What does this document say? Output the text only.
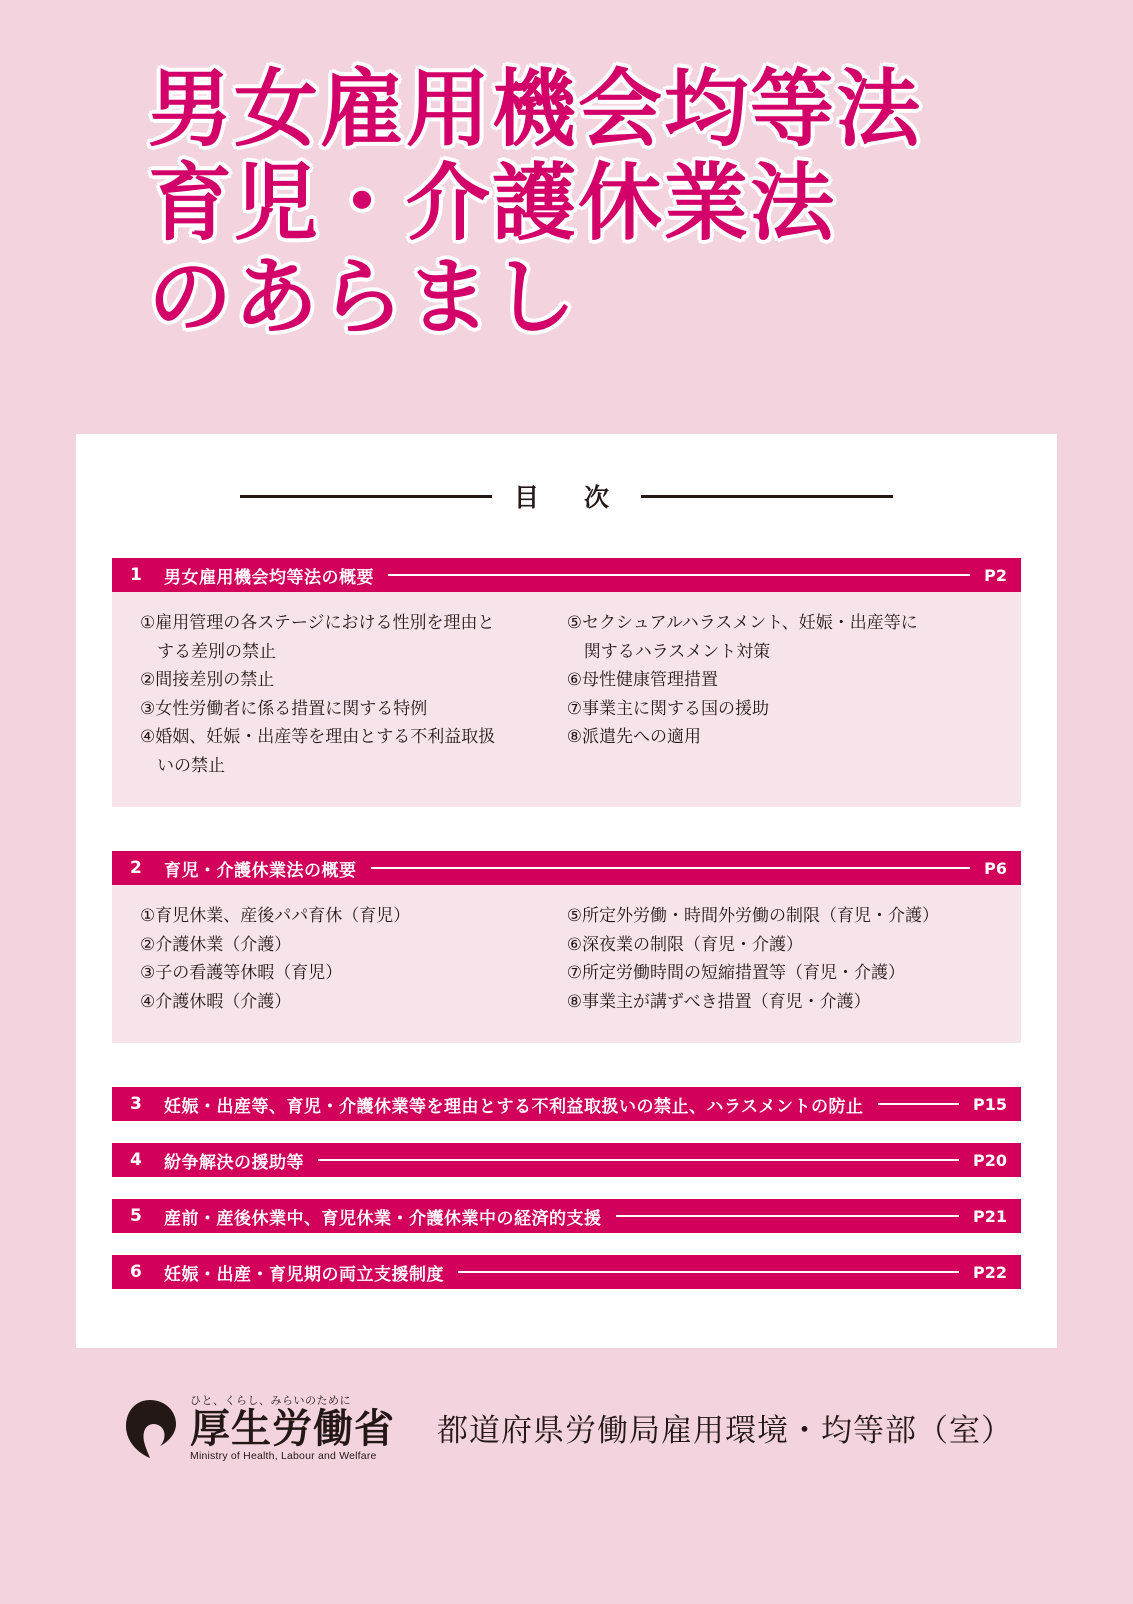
男女雇用機会均等法
育児・介護休業法
のあらまし
目　次
1	男女雇用機会均等法の概要	P2
①雇用管理の各ステージにおける性別を理由と
　する差別の禁止
②間接差別の禁止
③女性労働者に係る措置に関する特例
④婚姻、妊娠・出産等を理由とする不利益取扱
　いの禁止
⑤セクシュアルハラスメント、妊娠・出産等に
　関するハラスメント対策
⑥母性健康管理措置
⑦事業主に関する国の援助
⑧派遣先への適用
2	育児・介護休業法の概要	P6
①育児休業、産後パパ育休（育児）
②介護休業（介護）
③子の看護等休暇（育児）
④介護休暇（介護）
⑤所定外労働・時間外労働の制限（育児・介護）
⑥深夜業の制限（育児・介護）
⑦所定労働時間の短縮措置等（育児・介護）
⑧事業主が講ずべき措置（育児・介護）
3	妊娠・出産等、育児・介護休業等を理由とする不利益取扱いの禁止、ハラスメントの防止	P15
4	紛争解決の援助等	P20
5	産前・産後休業中、育児休業・介護休業中の経済的支援	P21
6	妊娠・出産・育児期の両立支援制度	P22
ひと、くらし、みらいのために
厚生労働省
Ministry of Health, Labour and Welfare
都道府県労働局雇用環境・均等部（室）
